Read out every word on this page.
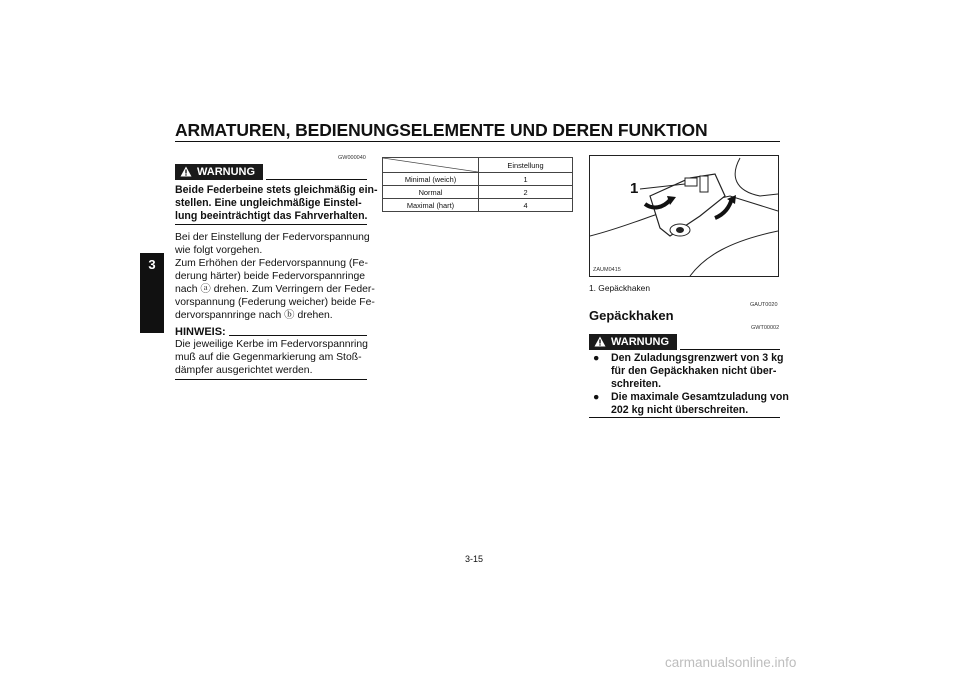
ARMATUREN, BEDIENUNGSELEMENTE UND DEREN FUNKTION
3
GW000040
WARNUNG
Beide Federbeine stets gleichmäßig ein-
stellen. Eine ungleichmäßige Einstel-
lung beeinträchtigt das Fahrverhalten.
Bei der Einstellung der Federvorspannung
wie folgt vorgehen.
Zum Erhöhen der Federvorspannung (Fe-
derung härter) beide Federvorspannringe
nach ⓐ drehen. Zum Verringern der Feder-
vorspannung (Federung weicher) beide Fe-
dervorspannringe nach ⓑ drehen.
HINWEIS:
Die jeweilige Kerbe im Federvorspannring
muß auf die Gegenmarkierung am Stoß-
dämpfer ausgerichtet werden.
	Einstellung
Minimal (weich)	1
Normal	2
Maximal (hart)	4
1
ZAUM0415
1. Gepäckhaken
GAUT0020
Gepäckhaken
GWT00002
WARNUNG
● Den Zuladungsgrenzwert von 3 kg
für den Gepäckhaken nicht über-
schreiten.
● Die maximale Gesamtzuladung von
202 kg nicht überschreiten.
3-15
carmanualsonline.info
